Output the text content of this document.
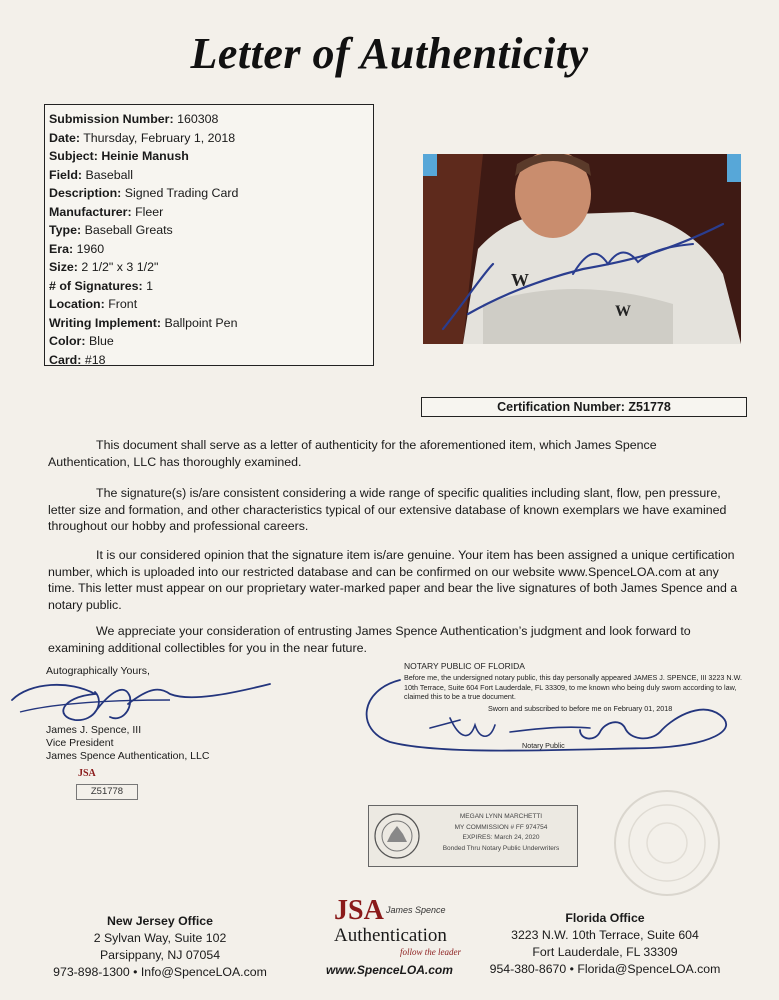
Letter of Authenticity
Submission Number: 160308
Date: Thursday, February 1, 2018
Subject: Heinie Manush
Field: Baseball
Description: Signed Trading Card
Manufacturer: Fleer
Type: Baseball Greats
Era: 1960
Size: 2 1/2" x 3 1/2"
# of Signatures: 1
Location: Front
Writing Implement: Ballpoint Pen
Color: Blue
Card: #18
W
W
Certification Number: Z51778
This document shall serve as a letter of authenticity for the aforementioned item, which James Spence Authentication, LLC has thoroughly examined.
The signature(s) is/are consistent considering a wide range of specific qualities including slant, flow, pen pressure, letter size and formation, and other characteristics typical of our extensive database of known exemplars we have examined throughout our hobby and professional careers.
It is our considered opinion that the signature item is/are genuine. Your item has been assigned a unique certification number, which is uploaded into our restricted database and can be confirmed on our website www.SpenceLOA.com at any time. This letter must appear on our proprietary water-marked paper and bear the live signatures of both James Spence and a notary public.
We appreciate your consideration of entrusting James Spence Authentication’s judgment and look forward to examining additional collectibles for you in the near future.
Autographically Yours,
James J. Spence, III
Vice President
James Spence Authentication, LLC
JSA
Z51778
NOTARY PUBLIC OF FLORIDA
Before me, the undersigned notary public, this day personally appeared JAMES J. SPENCE, III 3223 N.W. 10th Terrace, Suite 604 Fort Lauderdale, FL 33309, to me known who being duly sworn according to law, claimed this to be a true document.
Sworn and subscribed to before me on February 01, 2018
Notary Public
MEGAN LYNN MARCHETTI
MY COMMISSION # FF 974754
EXPIRES: March 24, 2020
Bonded Thru Notary Public Underwriters
New Jersey Office
2 Sylvan Way, Suite 102
Parsippany, NJ 07054
973-898-1300 • Info@SpenceLOA.com
JSA James Spence
Authentication
follow the leader
www.SpenceLOA.com
Florida Office
3223 N.W. 10th Terrace, Suite 604
Fort Lauderdale, FL 33309
954-380-8670 • Florida@SpenceLOA.com
